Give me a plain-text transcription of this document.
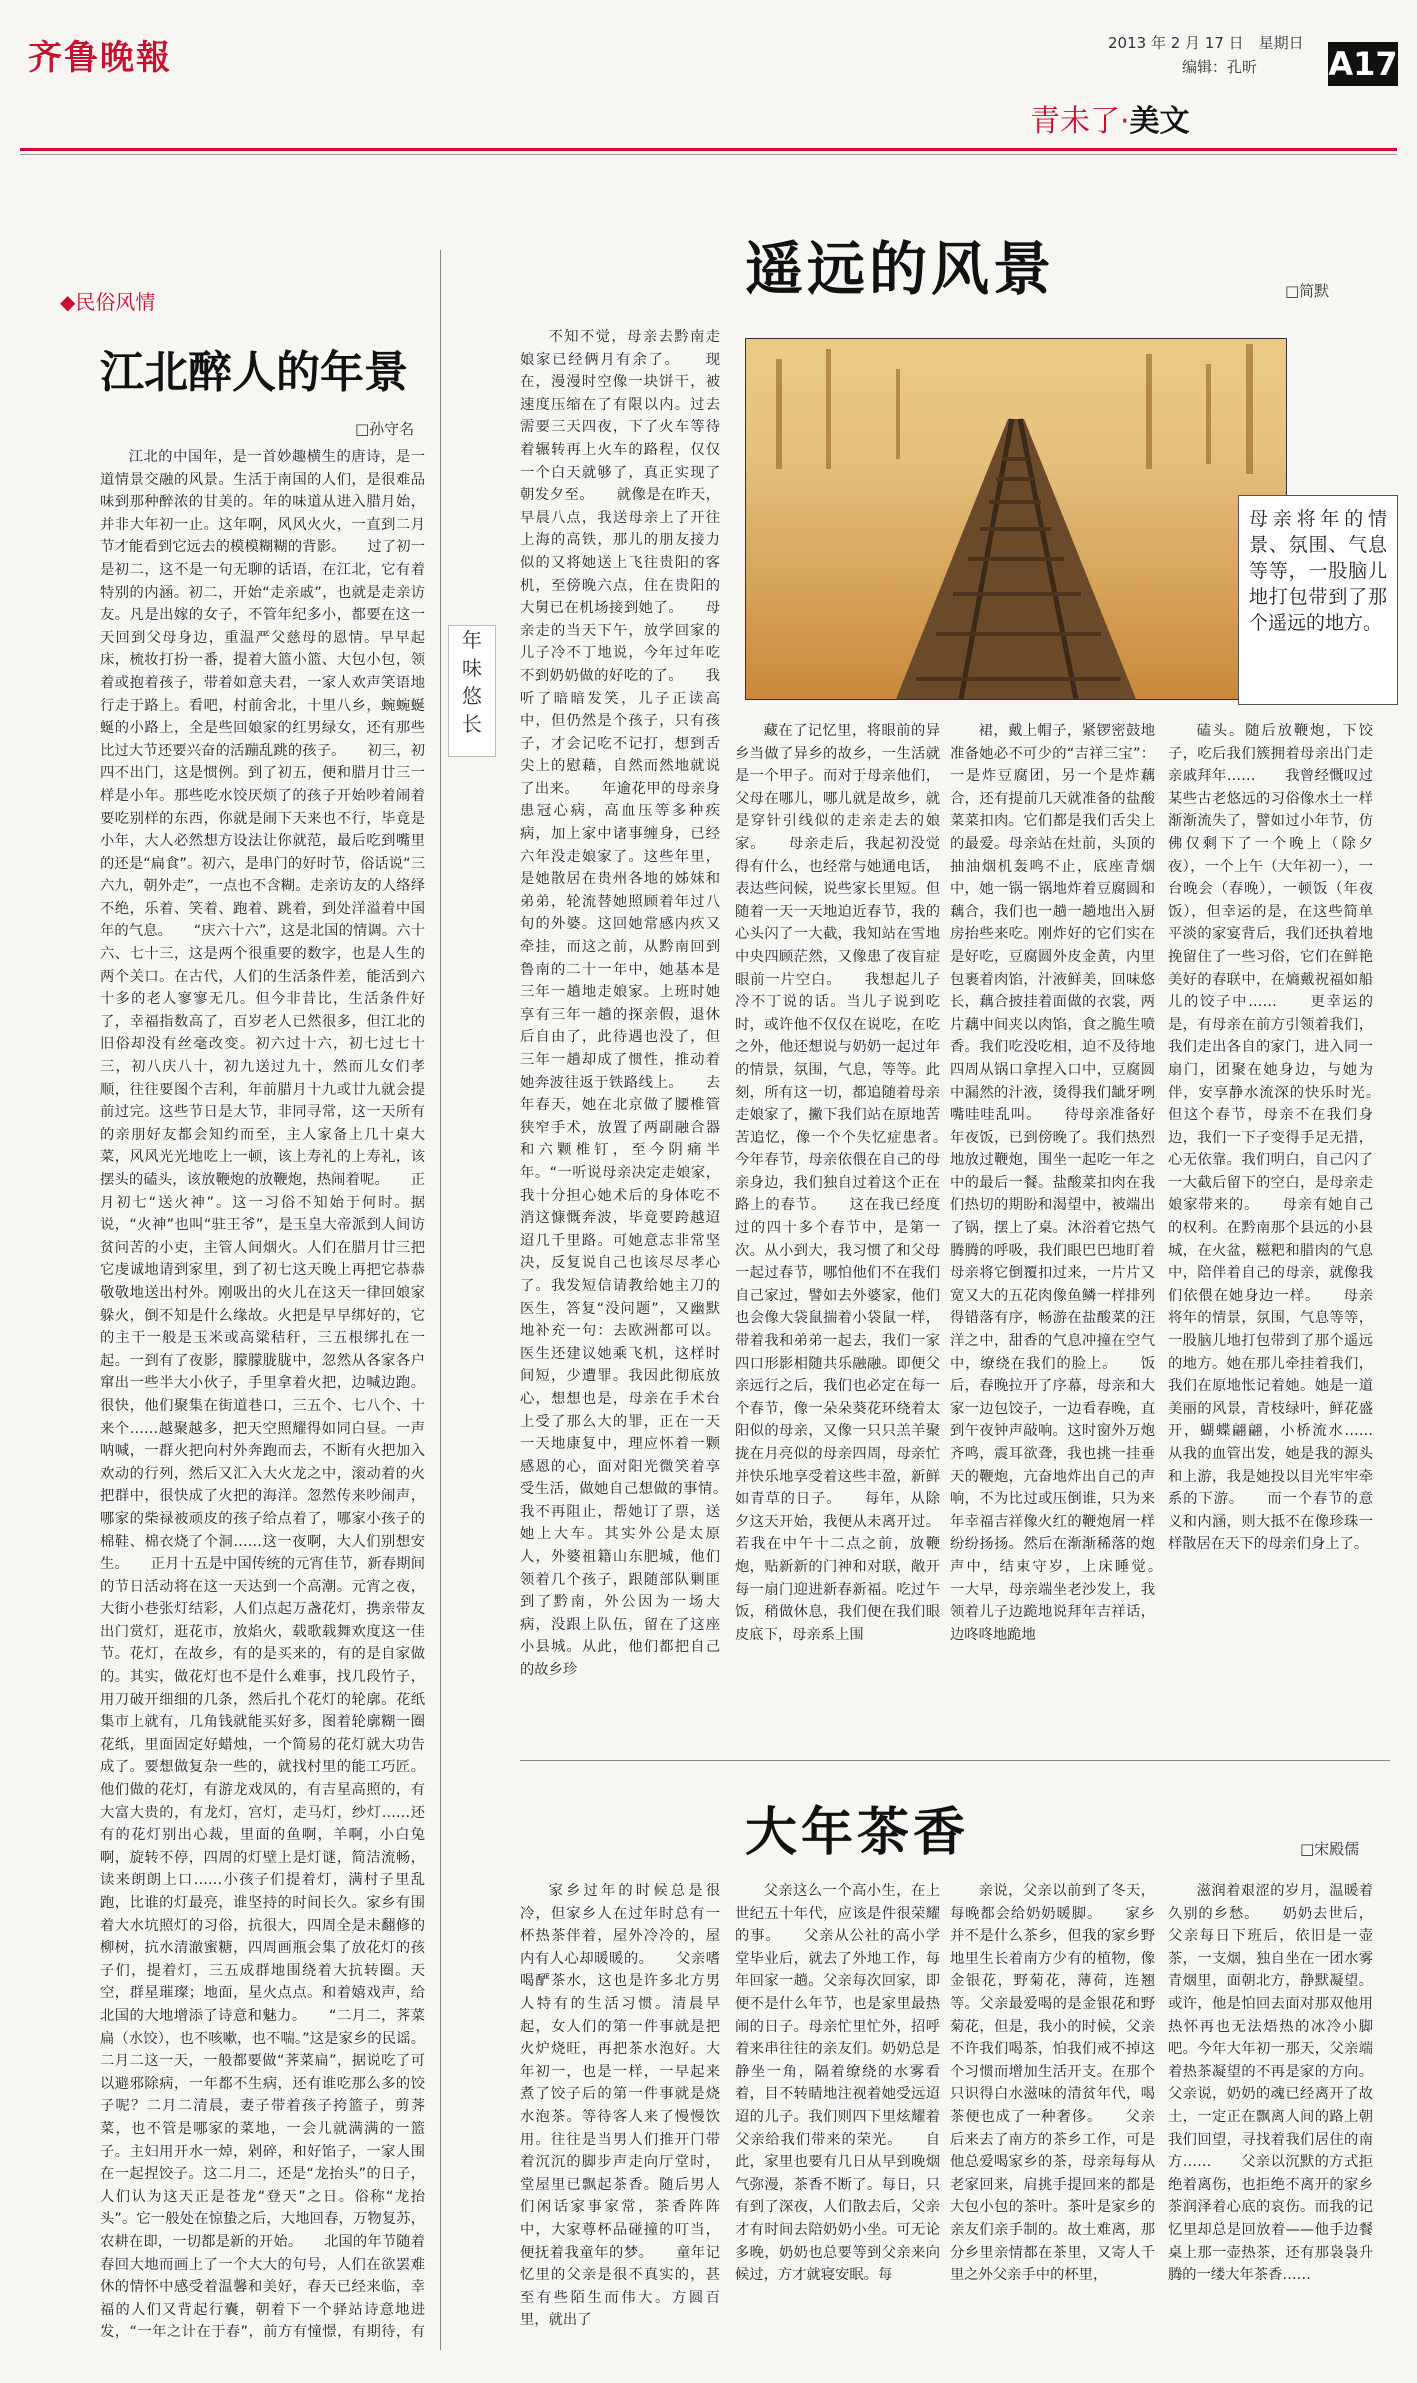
齐鲁晚報	2013 年 2 月 17 日　星期日
编辑：孔昕 A17
青未了·美文
◆民俗风情
江北醉人的年景
□孙守名
江北的中国年，是一首妙趣横生的唐诗，是一道情景交融的风景。生活于南国的人们，是很难品味到那种醉浓的甘美的。年的味道从进入腊月始，并非大年初一止。这年啊，风风火火，一直到二月节才能看到它远去的模模糊糊的背影。　　过了初一是初二，这不是一句无聊的话语，在江北，它有着特别的内涵。初二，开始“走亲戚”，也就是走亲访友。凡是出嫁的女子，不管年纪多小，都要在这一天回到父母身边，重温严父慈母的恩情。早早起床，梳妆打扮一番，提着大篮小篮、大包小包，领着或抱着孩子，带着如意夫君，一家人欢声笑语地行走于路上。看吧，村前舍北，十里八乡，蜿蜿蜒蜒的小路上，全是些回娘家的红男绿女，还有那些比过大节还要兴奋的活蹦乱跳的孩子。　　初三，初四不出门，这是惯例。到了初五，便和腊月廿三一样是小年。那些吃水饺厌烦了的孩子开始吵着闹着要吃别样的东西，你就是闹下天来也不行，毕竟是小年，大人必然想方设法让你就范，最后吃到嘴里的还是“扁食”。初六，是串门的好时节，俗话说“三六九，朝外走”，一点也不含糊。走亲访友的人络绎不绝，乐着、笑着、跑着、跳着，到处洋溢着中国年的气息。　　“庆六十六”，这是北国的情调。六十六、七十三，这是两个很重要的数字，也是人生的两个关口。在古代，人们的生活条件差，能活到六十多的老人寥寥无几。但今非昔比，生活条件好了，幸福指数高了，百岁老人已然很多，但江北的旧俗却没有丝毫改变。初六过十六，初七过七十三，初八庆八十，初九送过九十，然而儿女们孝顺，往往要图个吉利，年前腊月十九或廿九就会提前过完。这些节日是大节，非同寻常，这一天所有的亲朋好友都会知约而至，主人家备上几十桌大菜，风风光光地吃上一顿，该上寿礼的上寿礼，该摆头的磕头，该放鞭炮的放鞭炮，热闹着呢。　　正月初七“送火神”。这一习俗不知始于何时。据说，“火神”也叫“驻王爷”，是玉皇大帝派到人间访贫问苦的小吏，主管人间烟火。人们在腊月廿三把它虔诚地请到家里，到了初七这天晚上再把它恭恭敬敬地送出村外。刚吸出的火儿在这天一律回娘家躲火，倒不知是什么缘故。火把是早早绑好的，它的主干一般是玉米或高粱秸秆，三五根绑扎在一起。一到有了夜影，朦朦胧胧中，忽然从各家各户窜出一些半大小伙子，手里拿着火把，边喊边跑。很快，他们聚集在街道巷口，三五个、七八个、十来个……越聚越多，把天空照耀得如同白昼。一声呐喊，一群火把向村外奔跑而去，不断有火把加入欢动的行列，然后又汇入大火龙之中，滚动着的火把群中，很快成了火把的海洋。忽然传来吵闹声，哪家的柴禄被顽皮的孩子给点着了，哪家小孩子的棉鞋、棉衣烧了个洞……这一夜啊，大人们别想安生。　　正月十五是中国传统的元宵佳节，新春期间的节日活动将在这一天达到一个高潮。元宵之夜，大街小巷张灯结彩，人们点起万盏花灯，携亲带友出门赏灯，逛花市，放焰火，载歌载舞欢度这一佳节。花灯，在故乡，有的是买来的，有的是自家做的。其实，做花灯也不是什么难事，找几段竹子，用刀破开细细的几条，然后扎个花灯的轮廓。花纸集市上就有，几角钱就能买好多，图着轮廓糊一圈花纸，里面固定好蜡烛，一个简易的花灯就大功告成了。要想做复杂一些的，就找村里的能工巧匠。他们做的花灯，有游龙戏凤的，有吉星高照的，有大富大贵的，有龙灯，宫灯，走马灯，纱灯……还有的花灯别出心裁，里面的鱼啊，羊啊，小白兔啊，旋转不停，四周的灯壁上是灯谜，简洁流畅，读来朗朗上口……小孩子们提着灯，满村子里乱跑，比谁的灯最亮，谁坚持的时间长久。家乡有围着大水坑照灯的习俗，抗很大，四周全是未翻修的柳树，抗水清澈蜜糖，四周画瓶会集了放花灯的孩子们，提着灯，三五成群地围绕着大抗转圈。天空，群星璀璨；地面，星火点点。和着嬉戏声，给北国的大地增添了诗意和魅力。　　“二月二，荠菜扁（水饺），也不咳嗽，也不喘。”这是家乡的民谣。二月二这一天，一般都要做“荠菜扁”，据说吃了可以避邪除病，一年都不生病，还有谁吃那么多的饺子呢？二月二清晨，妻子带着孩子挎篮子，剪荠菜，也不管是哪家的菜地，一会儿就满满的一篮子。主妇用开水一焯，剁碎，和好馅子，一家人围在一起捏饺子。这二月二，还是“龙抬头”的日子，人们认为这天正是苍龙“登天”之日。俗称“龙抬头”。它一般处在惊蛰之后，大地回春，万物复苏，农耕在即，一切都是新的开始。　　北国的年节随着春回大地而画上了一个大大的句号，人们在欲罢难休的情怀中感受着温馨和美好，春天已经来临，幸福的人们又背起行囊，朝着下一个驿站诗意地进发，“一年之计在于春”，前方有憧憬，有期待，有
年
味
悠
长
遥远的风景	□简默
母亲将年的情景、氛围、气息等等，一股脑儿地打包带到了那个遥远的地方。
不知不觉，母亲去黔南走娘家已经俩月有余了。　　现在，漫漫时空像一块饼干，被速度压缩在了有限以内。过去需要三天四夜，下了火车等待着辗转再上火车的路程，仅仅一个白天就够了，真正实现了朝发夕至。　　就像是在昨天，早晨八点，我送母亲上了开往上海的高铁，那儿的朋友接力似的又将她送上飞往贵阳的客机，至傍晚六点，住在贵阳的大舅已在机场接到她了。　　母亲走的当天下午，放学回家的儿子冷不丁地说，今年过年吃不到奶奶做的好吃的了。　　我听了暗暗发笑，儿子正读高中，但仍然是个孩子，只有孩子，才会记吃不记打，想到舌尖上的慰藉，自然而然地就说了出来。　　年逾花甲的母亲身患冠心病，高血压等多种疾病，加上家中诸事缠身，已经六年没走娘家了。这些年里，是她散居在贵州各地的姊妹和弟弟，轮流替她照顾着年过八旬的外婆。这回她常感内疚又牵挂，而这之前，从黔南回到鲁南的二十一年中，她基本是三年一趟地走娘家。上班时她享有三年一趟的探亲假，退休后自由了，此待遇也没了，但三年一趟却成了惯性，推动着她奔波往返于铁路线上。　　去年春天，她在北京做了腰椎管狭窄手术，放置了两副融合器和六颗椎钉，至今阴痛半年。“一听说母亲决定走娘家，我十分担心她术后的身体吃不消这慷慨奔波，毕竟要跨越迢迢几千里路。可她意志非常坚决，反复说自己也该尽尽孝心了。我发短信请教给她主刀的医生，答复“没问题”，又幽默地补充一句：去欧洲都可以。医生还建议她乘飞机，这样时间短，少遭罪。我因此彻底放心，想想也是，母亲在手术台上受了那么大的罪，正在一天一天地康复中，理应怀着一颗感恩的心，面对阳光微笑着享受生活，做她自己想做的事情。　　我不再阻止，帮她订了票，送她上大车。其实外公是太原人，外婆祖籍山东肥城，他们领着几个孩子，跟随部队剿匪到了黔南，外公因为一场大病，没跟上队伍，留在了这座小县城。从此，他们都把自己的故乡珍
藏在了记忆里，将眼前的异乡当做了异乡的故乡，一生活就是一个甲子。而对于母亲他们，父母在哪儿，哪儿就是故乡，就是穿针引线似的走亲走去的娘家。　　母亲走后，我起初没觉得有什么，也经常与她通电话，表达些问候，说些家长里短。但随着一天一天地迫近春节，我的心头闪了一大截，我知站在雪地中央四顾茫然，又像患了夜盲症眼前一片空白。　　我想起儿子冷不丁说的话。当儿子说到吃时，或许他不仅仅在说吃，在吃之外，他还想说与奶奶一起过年的情景，氛围，气息，等等。此刻，所有这一切，都追随着母亲走娘家了，撇下我们站在原地苦苦追忆，像一个个失忆症患者。　　今年春节，母亲依偎在自己的母亲身边，我们独自过着这个正在路上的春节。　　这在我已经度过的四十多个春节中，是第一次。从小到大，我习惯了和父母一起过春节，哪怕他们不在我们自己家过，譬如去外婆家，他们也会像大袋鼠揣着小袋鼠一样，带着我和弟弟一起去，我们一家四口形影相随共乐融融。即便父亲远行之后，我们也必定在每一个春节，像一朵朵葵花环绕着太阳似的母亲，又像一只只羔羊聚拢在月亮似的母亲四周，母亲忙并快乐地享受着这些丰盈，新鲜如青草的日子。　　每年，从除夕这天开始，我便从未离开过。若我在中午十二点之前，放鞭炮，贴新新的门神和对联，敞开每一扇门迎进新春新福。吃过午饭，稍做休息，我们便在我们眼皮底下，母亲系上围
裙，戴上帽子，紧锣密鼓地准备她必不可少的“吉祥三宝”：一是炸豆腐团，另一个是炸藕合，还有提前几天就准备的盐酸菜菜扣肉。它们都是我们舌尖上的最爱。母亲站在灶前，头顶的抽油烟机轰鸣不止，底座青烟中，她一锅一锅地炸着豆腐圆和藕合，我们也一趟一趟地出入厨房抬些来吃。刚炸好的它们实在是好吃，豆腐圆外皮金黄，内里包裹着肉馅，汁液鲜美，回味悠长，藕合披挂着面做的衣裳，两片藕中间夹以肉馅，食之脆生喷香。我们吃没吃相，迫不及待地四周从锅口拿捏入口中，豆腐圆中漏然的汁液，烫得我们龇牙咧嘴哇哇乱叫。　　待母亲准备好年夜饭，已到傍晚了。我们热烈地放过鞭炮，围坐一起吃一年之中的最后一餐。盐酸菜扣肉在我们热切的期盼和渴望中，被端出了锅，摆上了桌。沐浴着它热气腾腾的呼吸，我们眼巴巴地盯着母亲将它倒覆扣过来，一片片又宽又大的五花肉像鱼鳞一样排列得错落有序，畅游在盐酸菜的汪洋之中，甜香的气息冲撞在空气中，缭绕在我们的脸上。　　饭后，春晚拉开了序幕，母亲和大家一边包饺子，一边看春晚，直到午夜钟声敲响。这时窗外万炮齐鸣，震耳欲聋，我也挑一挂垂天的鞭炮，亢奋地炸出自己的声响，不为比过或压倒谁，只为来年幸福吉祥像火红的鞭炮屑一样纷纷扬扬。然后在渐渐稀落的炮声中，结束守岁，上床睡觉。　　一大早，母亲端坐老沙发上，我领着儿子边跪地说拜年吉祥话，边咚咚地跪地
磕头。随后放鞭炮，下饺子，吃后我们簇拥着母亲出门走亲戚拜年……　　我曾经慨叹过某些古老悠远的习俗像水土一样渐渐流失了，譬如过小年节，仿佛仅剩下了一个晚上（除夕夜），一个上午（大年初一），一台晚会（春晚），一顿饭（年夜饭），但幸运的是，在这些简单平淡的家宴背后，我们还执着地挽留住了一些习俗，它们在鲜艳美好的春联中，在熵戴祝福如船儿的饺子中……　　更幸运的是，有母亲在前方引领着我们，我们走出各自的家门，进入同一扇门，团聚在她身边，与她为伴，安享静水流深的快乐时光。　　但这个春节，母亲不在我们身边，我们一下子变得手足无措，心无依靠。我们明白，自己闪了一大截后留下的空白，是母亲走娘家带来的。　　母亲有她自己的权利。在黔南那个县远的小县城，在火盆，糍粑和腊肉的气息中，陪伴着自己的母亲，就像我们依偎在她身边一样。　　母亲将年的情景，氛围，气息等等，一股脑儿地打包带到了那个遥远的地方。她在那儿牵挂着我们，我们在原地怅记着她。她是一道美丽的风景，青枝绿叶，鲜花盛开，蝴蝶翩翩，小桥流水……　　从我的血管出发，她是我的源头和上游，我是她投以目光牢牢牵系的下游。　　而一个春节的意义和内涵，则大抵不在像珍珠一样散居在天下的母亲们身上了。
大年茶香	□宋殿儒
家乡过年的时候总是很冷，但家乡人在过年时总有一杯热茶伴着，屋外冷冷的，屋内有人心却暖暖的。　　父亲嗜喝酽茶水，这也是许多北方男人特有的生活习惯。清晨早起，女人们的第一件事就是把火炉烧旺，再把茶水泡好。大年初一，也是一样，一早起来煮了饺子后的第一件事就是烧水泡茶。等待客人来了慢慢饮用。往往是当男人们推开门带着沉沉的脚步声走向厅堂时，堂屋里已飘起茶香。随后男人们闲话家事家常，茶香阵阵中，大家尊杯品碰撞的叮当，便抚着我童年的梦。　　童年记忆里的父亲是很不真实的，甚至有些陌生而伟大。方圆百里，就出了
父亲这么一个高小生，在上世纪五十年代，应该是件很荣耀的事。　　父亲从公社的高小学堂毕业后，就去了外地工作，每年回家一趟。父亲每次回家，即便不是什么年节，也是家里最热闹的日子。母亲忙里忙外，招呼着来串往往的亲友们。奶奶总是静坐一角，隔着缭绕的水雾看着，目不转睛地注视着她受远迢迢的儿子。我们则四下里炫耀着父亲给我们带来的荣光。　　自此，家里也要有几日从早到晚烟气弥漫，茶香不断了。每日，只有到了深夜，人们散去后，父亲才有时间去陪奶奶小坐。可无论多晚，奶奶也总要等到父亲来向候过，方才就寝安眠。每
亲说，父亲以前到了冬天，每晚都会给奶奶暖脚。　　家乡并不是什么茶乡，但我的家乡野地里生长着南方少有的植物，像金银花，野菊花，薄荷，连翘等。父亲最爱喝的是金银花和野菊花，但是，我小的时候，父亲不许我们喝茶，怕我们戒不掉这个习惯而增加生活开支。在那个只识得白水滋味的清贫年代，喝茶便也成了一种奢侈。　　父亲后来去了南方的茶乡工作，可是他总爱喝家乡的茶，母亲每每从老家回来，肩挑手提回来的都是大包小包的茶叶。茶叶是家乡的亲友们亲手制的。故土难离，那分乡里亲情都在茶里，又寄人千里之外父亲手中的杯里，
滋润着艰涩的岁月，温暖着久别的乡愁。　　奶奶去世后，父亲每日下班后，依旧是一壶茶，一支烟，独自坐在一团水雾青烟里，面朝北方，静默凝望。或许，他是怕回去面对那双他用热怀再也无法焐热的冰冷小脚吧。今年大年初一那天，父亲端着热茶凝望的不再是家的方向。父亲说，奶奶的魂已经离开了故土，一定正在飘离人间的路上朝我们回望，寻找着我们居住的南方……　　父亲以沉默的方式拒绝着离伤，也拒绝不离开的家乡茶润泽着心底的哀伤。而我的记忆里却总是回放着——他手边餐桌上那一壶热茶，还有那袅袅升腾的一缕大年茶香……
